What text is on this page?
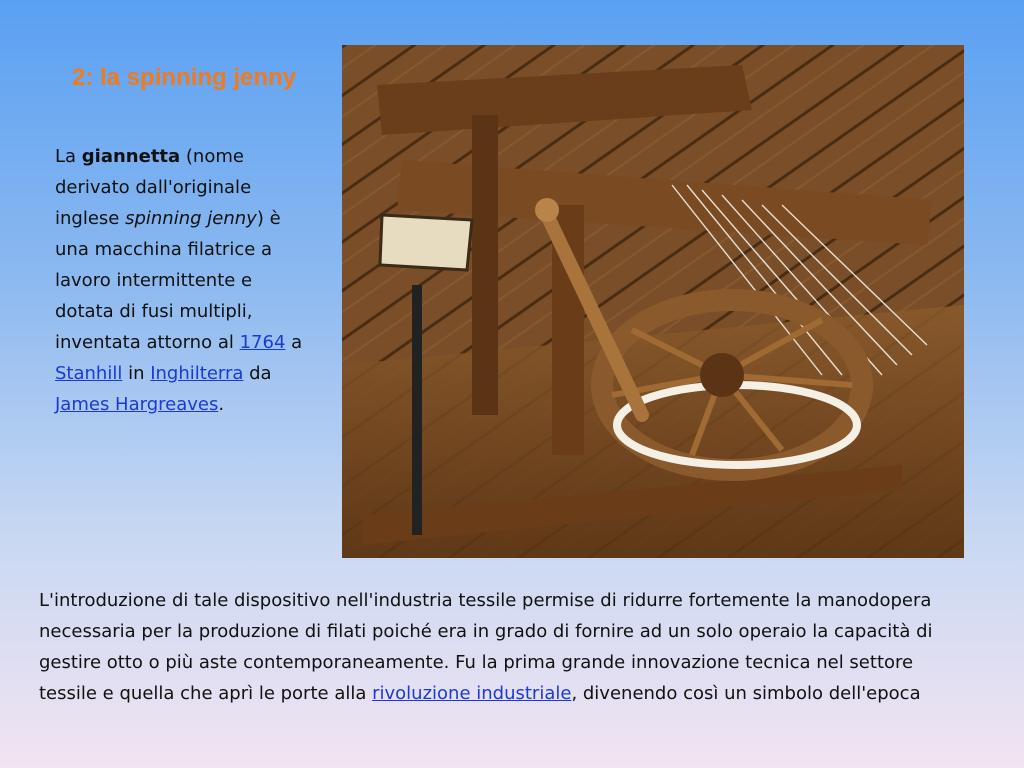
2: la spinning jenny
La giannetta (nome derivato dall'originale inglese spinning jenny) è una macchina filatrice a lavoro intermittente e dotata di fusi multipli, inventata attorno al 1764 a Stanhill in Inghilterra da James Hargreaves.
L'introduzione di tale dispositivo nell'industria tessile permise di ridurre fortemente la manodopera necessaria per la produzione di filati poiché era in grado di fornire ad un solo operaio la capacità di gestire otto o più aste contemporaneamente. Fu la prima grande innovazione tecnica nel settore tessile e quella che aprì le porte alla rivoluzione industriale, divenendo così un simbolo dell'epoca
